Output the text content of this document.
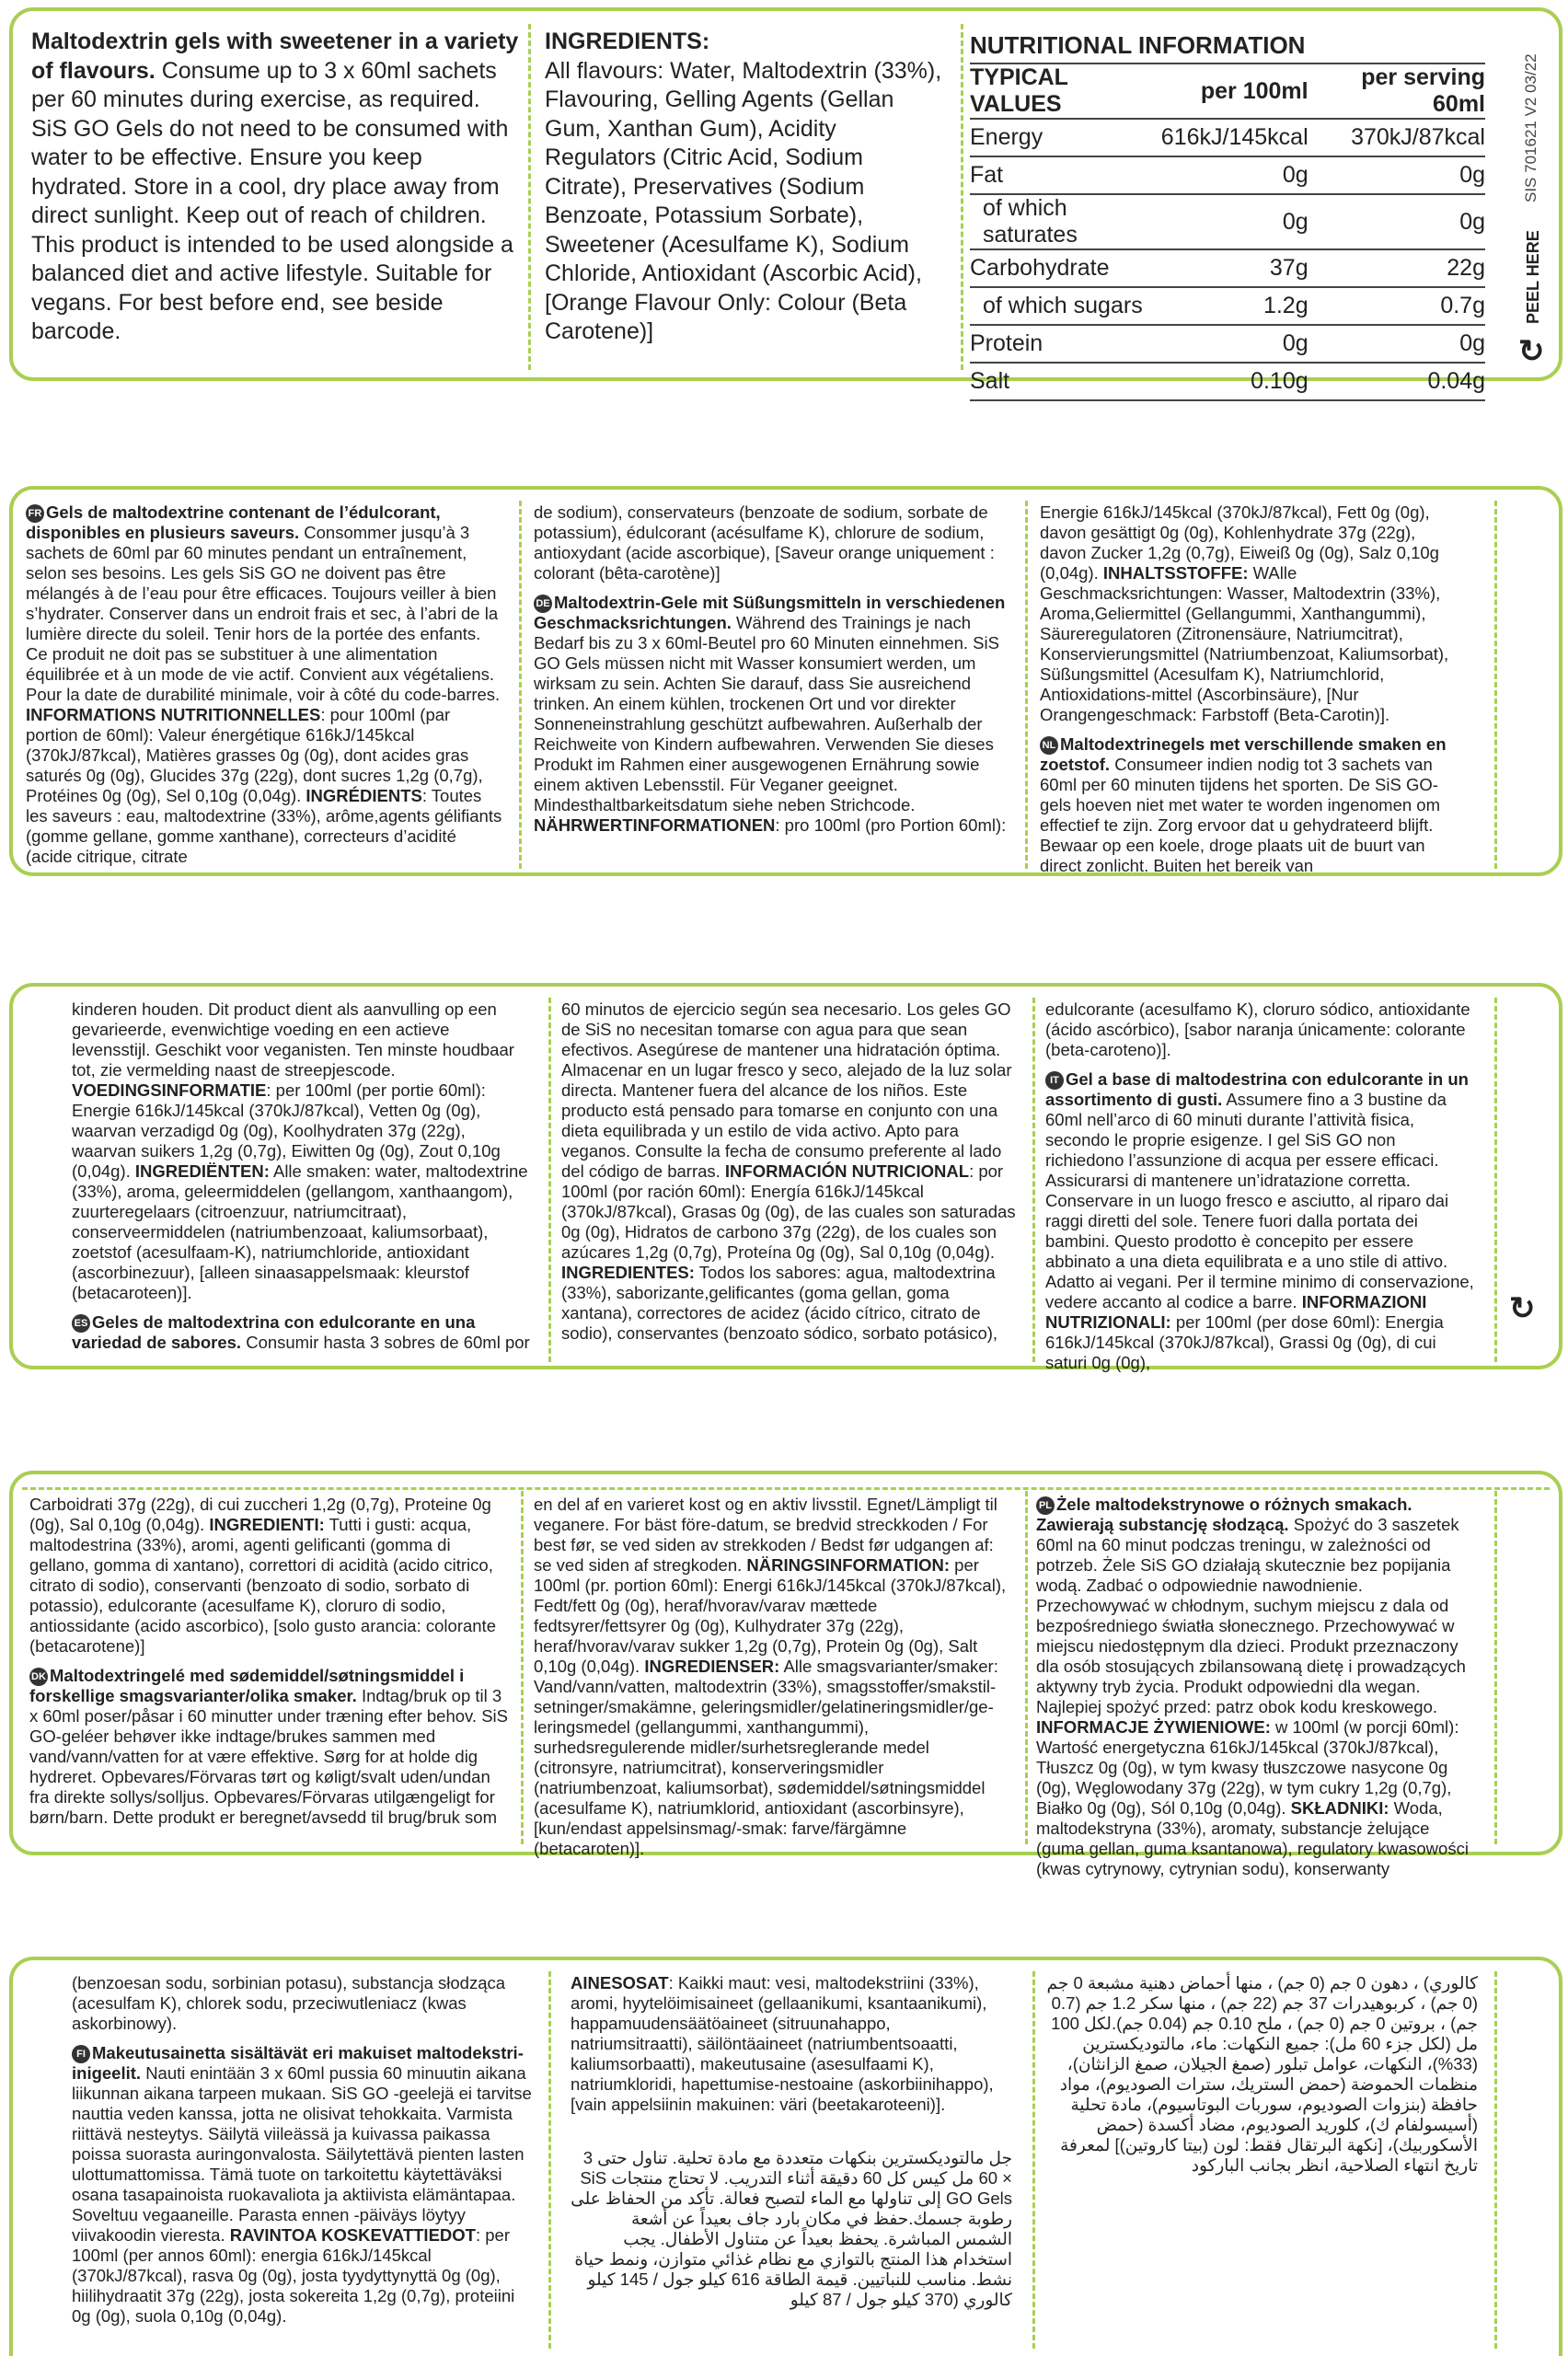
Maltodextrin gels with sweetener in a variety of flavours. Consume up to 3 x 60ml sachets per 60 minutes during exercise, as required. SiS GO Gels do not need to be consumed with water to be effective. Ensure you keep hydrated. Store in a cool, dry place away from direct sunlight. Keep out of reach of children. This product is intended to be used alongside a balanced diet and active lifestyle. Suitable for vegans. For best before end, see beside barcode.
INGREDIENTS:
All flavours: Water, Maltodextrin (33%), Flavouring, Gelling Agents (Gellan Gum, Xanthan Gum), Acidity Regulators (Citric Acid, Sodium Citrate), Preservatives (Sodium Benzoate, Potassium Sorbate), Sweetener (Acesulfame K), Sodium Chloride, Antioxidant (Ascorbic Acid), [Orange Flavour Only: Colour (Beta Carotene)]
NUTRITIONAL INFORMATION
TYPICAL VALUES	per 100ml	per serving 60ml
Energy	616kJ/145kcal	370kJ/87kcal
Fat	0g	0g
of which saturates	0g	0g
Carbohydrate	37g	22g
of which sugars	1.2g	0.7g
Protein	0g	0g
Salt	0.10g	0.04g
SIS 701621 V2 03/22
PEEL HERE
↻

FR Gels de maltodextrine contenant de l’édulcorant, disponibles en plusieurs saveurs. Consommer jusqu’à 3 sachets de 60ml par 60 minutes pendant un entraînement, selon ses besoins. Les gels SiS GO ne doivent pas être mélangés à de l’eau pour être efficaces. Toujours veiller à bien s’hydrater. Conserver dans un endroit frais et sec, à l’abri de la lumière directe du soleil. Tenir hors de la portée des enfants. Ce produit ne doit pas se substituer à une alimentation équilibrée et à un mode de vie actif. Convient aux végétaliens. Pour la date de durabilité minimale, voir à côté du code-barres. INFORMATIONS NUTRITIONNELLES: pour 100ml (par portion de 60ml): Valeur énergétique 616kJ/145kcal (370kJ/87kcal), Matières grasses 0g (0g), dont acides gras saturés 0g (0g), Glucides 37g (22g), dont sucres 1,2g (0,7g), Protéines 0g (0g), Sel 0,10g (0,04g). INGRÉDIENTS: Toutes les saveurs : eau, maltodextrine (33%), arôme,agents gélifiants (gomme gellane, gomme xanthane), correcteurs d’acidité (acide citrique, citrate

de sodium), conservateurs (benzoate de sodium, sorbate de potassium), édulcorant (acésulfame K), chlorure de sodium, antioxydant (acide ascorbique), [Saveur orange uniquement : colorant (bêta-carotène)]

DE Maltodextrin-Gele mit Süßungsmitteln in verschiedenen Geschmacksrichtungen. Während des Trainings je nach Bedarf bis zu 3 x 60ml-Beutel pro 60 Minuten einnehmen. SiS GO Gels müssen nicht mit Wasser konsumiert werden, um wirksam zu sein. Achten Sie darauf, dass Sie ausreichend trinken. An einem kühlen, trockenen Ort und vor direkter Sonneneinstrahlung geschützt aufbewahren. Außerhalb der Reichweite von Kindern aufbewahren. Verwenden Sie dieses Produkt im Rahmen einer ausgewogenen Ernährung sowie einem aktiven Lebensstil. Für Veganer geeignet. Mindesthaltbarkeitsdatum siehe neben Strichcode. NÄHRWERTINFORMATIONEN: pro 100ml (pro Portion 60ml):

Energie 616kJ/145kcal (370kJ/87kcal), Fett 0g (0g), davon gesättigt 0g (0g), Kohlenhydrate 37g (22g), davon Zucker 1,2g (0,7g), Eiweiß 0g (0g), Salz 0,10g (0,04g). INHALTSSTOFFE: WAlle Geschmacksrichtungen: Wasser, Maltodextrin (33%), Aroma,Geliermittel (Gellangummi, Xanthangummi), Säureregulatoren (Zitronensäure, Natriumcitrat), Konservierungsmittel (Natriumbenzoat, Kaliumsorbat), Süßungsmittel (Acesulfam K), Natriumchlorid, Antioxidations-mittel (Ascorbinsäure), [Nur Orangengeschmack: Farbstoff (Beta-Carotin)].

NL Maltodextrinegels met verschillende smaken en zoetstof. Consumeer indien nodig tot 3 sachets van 60ml per 60 minuten tijdens het sporten. De SiS GO-gels hoeven niet met water te worden ingenomen om effectief te zijn. Zorg ervoor dat u gehydrateerd blijft. Bewaar op een koele, droge plaats uit de buurt van direct zonlicht. Buiten het bereik van

kinderen houden. Dit product dient als aanvulling op een gevarieerde, evenwichtige voeding en een actieve levensstijl. Geschikt voor veganisten. Ten minste houdbaar tot, zie vermelding naast de streepjescode. VOEDINGSINFORMATIE: per 100ml (per portie 60ml): Energie 616kJ/145kcal (370kJ/87kcal), Vetten 0g (0g), waarvan verzadigd 0g (0g), Koolhydraten 37g (22g), waarvan suikers 1,2g (0,7g), Eiwitten 0g (0g), Zout 0,10g (0,04g). INGREDIËNTEN: Alle smaken: water, maltodextrine (33%), aroma, geleermiddelen (gellangom, xanthaangom), zuurteregelaars (citroenzuur, natriumcitraat), conserveermiddelen (natriumbenzoaat, kaliumsorbaat), zoetstof (acesulfaam-K), natriumchloride, antioxidant (ascorbinezuur), [alleen sinaasappelsmaak: kleurstof (betacaroteen)].

ES Geles de maltodextrina con edulcorante en una variedad de sabores. Consumir hasta 3 sobres de 60ml por

60 minutos de ejercicio según sea necesario. Los geles GO de SiS no necesitan tomarse con agua para que sean efectivos. Asegúrese de mantener una hidratación óptima. Almacenar en un lugar fresco y seco, alejado de la luz solar directa. Mantener fuera del alcance de los niños. Este producto está pensado para tomarse en conjunto con una dieta equilibrada y un estilo de vida activo. Apto para veganos. Consulte la fecha de consumo preferente al lado del código de barras. INFORMACIÓN NUTRICIONAL: por 100ml (por ración 60ml): Energía 616kJ/145kcal (370kJ/87kcal), Grasas 0g (0g), de las cuales son saturadas 0g (0g), Hidratos de carbono 37g (22g), de los cuales son azúcares 1,2g (0,7g), Proteína 0g (0g), Sal 0,10g (0,04g). INGREDIENTES: Todos los sabores: agua, maltodextrina (33%), saborizante,gelificantes (goma gellan, goma xantana), correctores de acidez (ácido cítrico, citrato de sodio), conservantes (benzoato sódico, sorbato potásico),

edulcorante (acesulfamo K), cloruro sódico, antioxidante (ácido ascórbico), [sabor naranja únicamente: colorante (beta-caroteno)].

IT Gel a base di maltodestrina con edulcorante in un assortimento di gusti. Assumere fino a 3 bustine da 60ml nell’arco di 60 minuti durante l’attività fisica, secondo le proprie esigenze. I gel SiS GO non richiedono l’assunzione di acqua per essere efficaci. Assicurarsi di mantenere un’idratazione corretta. Conservare in un luogo fresco e asciutto, al riparo dai raggi diretti del sole. Tenere fuori dalla portata dei bambini. Questo prodotto è concepito per essere abbinato a una dieta equilibrata e a uno stile di attivo. Adatto ai vegani. Per il termine minimo di conservazione, vedere accanto al codice a barre. INFORMAZIONI NUTRIZIONALI: per 100ml (per dose 60ml): Energia 616kJ/145kcal (370kJ/87kcal), Grassi 0g (0g), di cui saturi 0g (0g),

↻

Carboidrati 37g (22g), di cui zuccheri 1,2g (0,7g), Proteine 0g (0g), Sal 0,10g (0,04g). INGREDIENTI: Tutti i gusti: acqua, maltodestrina (33%), aromi, agenti gelificanti (gomma di gellano, gomma di xantano), correttori di acidità (acido citrico, citrato di sodio), conservanti (benzoato di sodio, sorbato di potassio), edulcorante (acesulfame K), cloruro di sodio, antiossidante (acido ascorbico), [solo gusto arancia: colorante (betacarotene)]

DK Maltodextringelé med sødemiddel/søtningsmiddel i forskellige smagsvarianter/olika smaker. Indtag/bruk op til 3 x 60ml poser/påsar i 60 minutter under træning efter behov. SiS GO-geléer behøver ikke indtage/brukes sammen med vand/vann/vatten for at være effektive. Sørg for at holde dig hydreret. Opbevares/Förvaras tørt og køligt/svalt uden/undan fra direkte sollys/solljus. Opbevares/Förvaras utilgængeligt for børn/barn. Dette produkt er beregnet/avsedd til brug/bruk som

en del af en varieret kost og en aktiv livsstil. Egnet/Lämpligt til veganere. For bäst före-datum, se bredvid streckkoden / For best før, se ved siden av strekkoden / Bedst før udgangen af: se ved siden af stregkoden. NÄRINGSINFORMATION: per 100ml (pr. portion 60ml): Energi 616kJ/145kcal (370kJ/87kcal), Fedt/fett 0g (0g), heraf/hvorav/varav mættede fedtsyrer/fettsyrer 0g (0g), Kulhydrater 37g (22g), heraf/hvorav/varav sukker 1,2g (0,7g), Protein 0g (0g), Salt 0,10g (0,04g). INGREDIENSER: Alle smagsvarianter/smaker: Vand/vann/vatten, maltodextrin (33%), smagsstoffer/smakstil-setninger/smakämne, geleringsmidler/gelatineringsmidler/ge-leringsmedel (gellangummi, xanthangummi), surhedsregulerende midler/surhetsreglerande medel (citronsyre, natriumcitrat), konserveringsmidler (natriumbenzoat, kaliumsorbat), sødemiddel/søtningsmiddel (acesulfame K), natriumklorid, antioxidant (ascorbinsyre), [kun/endast appelsinsmag/-smak: farve/färgämne (betacaroten)].

PL Żele maltodekstrynowe o różnych smakach. Zawierają substancję słodzącą. Spożyć do 3 saszetek 60ml na 60 minut podczas treningu, w zależności od potrzeb. Żele SiS GO działają skutecznie bez popijania wodą. Zadbać o odpowiednie nawodnienie. Przechowywać w chłodnym, suchym miejscu z dala od bezpośredniego światła słonecznego. Przechowywać w miejscu niedostępnym dla dzieci. Produkt przeznaczony dla osób stosujących zbilansowaną dietę i prowadzących aktywny tryb życia. Produkt odpowiedni dla wegan. Najlepiej spożyć przed: patrz obok kodu kreskowego. INFORMACJE ŻYWIENIOWE: w 100ml (w porcji 60ml): Wartość energetyczna 616kJ/145kcal (370kJ/87kcal), Tłuszcz 0g (0g), w tym kwasy tłuszczowe nasycone 0g (0g), Węglowodany 37g (22g), w tym cukry 1,2g (0,7g), Białko 0g (0g), Sól 0,10g (0,04g). SKŁADNIKI: Woda, maltodekstryna (33%), aromaty, substancje żelujące (guma gellan, guma ksantanowa), regulatory kwasowości (kwas cytrynowy, cytrynian sodu), konserwanty

(benzoesan sodu, sorbinian potasu), substancja słodząca (acesulfam K), chlorek sodu, przeciwutleniacz (kwas askorbinowy).

FI Makeutusainetta sisältävät eri makuiset maltodekstri-inigeelit. Nauti enintään 3 x 60ml pussia 60 minuutin aikana liikunnan aikana tarpeen mukaan. SiS GO -geelejä ei tarvitse nauttia veden kanssa, jotta ne olisivat tehokkaita. Varmista riittävä nesteytys. Säilytä viileässä ja kuivassa paikassa poissa suorasta auringonvalosta. Säilytettävä pienten lasten ulottumattomissa. Tämä tuote on tarkoitettu käytettäväksi osana tasapainoista ruokavaliota ja aktiivista elämäntapaa. Soveltuu vegaaneille. Parasta ennen -päiväys löytyy viivakoodin vieresta. RAVINTOA KOSKEVATTIEDOT: per 100ml (per annos 60ml): energia 616kJ/145kcal (370kJ/87kcal), rasva 0g (0g), josta tyydyttynyttä 0g (0g), hiilihydraatit 37g (22g), josta sokereita 1,2g (0,7g), proteiini 0g (0g), suola 0,10g (0,04g).

AINESOSAT: Kaikki maut: vesi, maltodekstriini (33%), aromi, hyytelöimisaineet (gellaanikumi, ksantaanikumi), happamuudensäätöaineet (sitruunahappo, natriumsitraatti), säilöntäaineet (natriumbentsoaatti, kaliumsorbaatti), makeutusaine (asesulfaami K), natriumkloridi, hapettumise-nestoaine (askorbiinihappo), [vain appelsiinin makuinen: väri (beetakaroteeni)].

جل مالتوديكسترين بنكهات متعددة مع مادة تحلية. تناول حتى 3 × 60 مل كيس كل 60 دقيقة أثناء التدريب. لا تحتاج منتجات SiS GO Gels إلى تناولها مع الماء لتصبح فعالة. تأكد من الحفاظ على رطوبة جسمك.حفظ في مكان بارد جاف بعيداً عن أشعة الشمس المباشرة. يحفظ بعيداً عن متناول الأطفال. يجب استخدام هذا المنتج بالتوازي مع نظام غذائي متوازن، ونمط حياة نشط. مناسب للنباتيين. قيمة الطاقة 616 كيلو جول / 145 كيلو كالوري (370 كيلو جول / 87 كيلو

كالوري) ، دهون 0 جم (0 جم) ، منها أحماض دهنية مشبعة 0 جم (0 جم) ، كربوهيدرات 37 جم (22 جم) ، منها سكر 1.2 جم (0.7 جم) ، بروتين 0 جم (0 جم) ، ملح 0.10 جم (0.04 جم).لكل 100 مل (لكل جزء 60 مل): جميع النكهات: ماء، مالتوديكسترين (33%)، النكهات، عوامل تبلور (صمغ الجيلان، صمغ الزانثان)، منظمات الحموضة (حمض الستريك، سترات الصوديوم)، مواد حافظة (بنزوات الصوديوم، سوربات البوتاسيوم)، مادة تحلية (أسيسولفام ك)، كلوريد الصوديوم، مضاد أكسدة (حمض الأسكوربيك)، [نكهة البرتقال فقط: لون (بيتا كاروتين)] لمعرفة تاريخ انتهاء الصلاحية، انظر بجانب الباركود
